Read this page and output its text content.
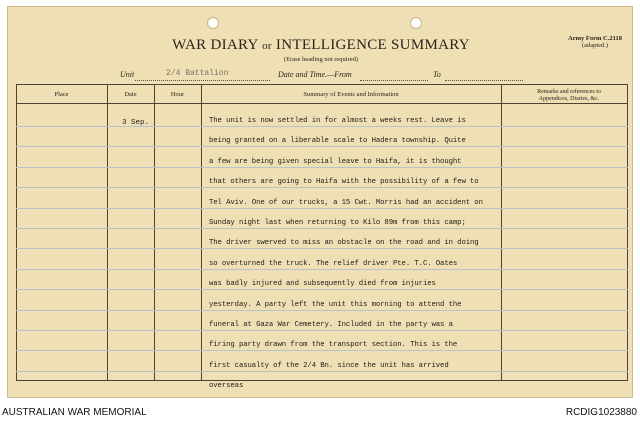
WAR DIARY or INTELLIGENCE SUMMARY
(Erase heading not required)
Army Form C.2118
(adapted.)
Unit	2/4 Battalion	Date and Time.—From	To
Place	Date	Hour	Summary of Events and Information	Remarks and references to
Appendices, Diaries, &c.
3 Sep.	The unit is now settled in for almost a weeks rest. Leave is
being granted on a liberable scale to Hadera township. Quite
a few are being given special leave to Haifa, it is thought
that others are going to Haifa with the possibility of a few to
Tel Aviv. One of our trucks, a 15 Cwt. Morris had an accident on
Sunday night last when returning to Kilo 89m from this camp;
The driver swerved to miss an obstacle on the road and in doing
so overturned the truck. The relief driver Pte. T.C. Oates
was badly injured and subsequently died from injuries
yesterday. A party left the unit this morning to attend the
funeral at Gaza War Cemetery. Included in the party was a
firing party drawn from the transport section. This is the
first casualty of the 2/4 Bn. since the unit has arrived
overseas
AUSTRALIAN WAR MEMORIAL	RCDIG1023880
